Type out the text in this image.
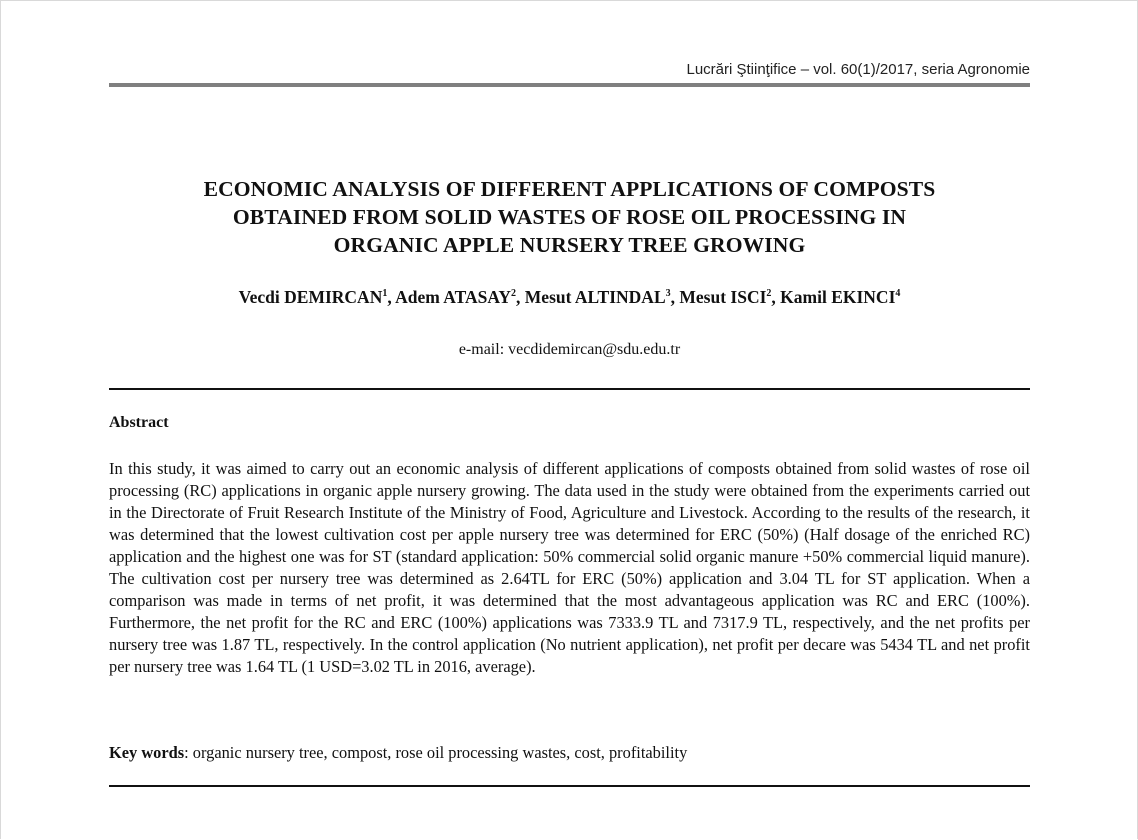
Lucrări Ştiinţifice – vol. 60(1)/2017, seria Agronomie
ECONOMIC ANALYSIS OF DIFFERENT APPLICATIONS OF COMPOSTS
OBTAINED FROM SOLID WASTES OF ROSE OIL PROCESSING IN
ORGANIC APPLE NURSERY TREE GROWING
Vecdi DEMIRCAN$^1$, Adem ATASAY$^2$, Mesut ALTINDAL$^3$, Mesut ISCI$^2$, Kamil EKINCI$^4$
e-mail: vecdidemircan@sdu.edu.tr
Abstract
In this study, it was aimed to carry out an economic analysis of different applications of composts obtained from solid wastes of rose oil processing (RC) applications in organic apple nursery growing. The data used in the study were obtained from the experiments carried out in the Directorate of Fruit Research Institute of the Ministry of Food, Agriculture and Livestock. According to the results of the research, it was determined that the lowest cultivation cost per apple nursery tree was determined for ERC (50%) (Half dosage of the enriched RC) application and the highest one was for ST (standard application: 50% commercial solid organic manure +50% commercial liquid manure). The cultivation cost per nursery tree was determined as 2.64TL for ERC (50%) application and 3.04 TL for ST application. When a comparison was made in terms of net profit, it was determined that the most advantageous application was RC and ERC (100%). Furthermore, the net profit for the RC and ERC (100%) applications was 7333.9 TL and 7317.9 TL, respectively, and the net profits per nursery tree was 1.87 TL, respectively. In the control application (No nutrient application), net profit per decare was 5434 TL and net profit per nursery tree was 1.64 TL (1 USD=3.02 TL in 2016, average).
Key words: organic nursery tree, compost, rose oil processing wastes, cost, profitability
